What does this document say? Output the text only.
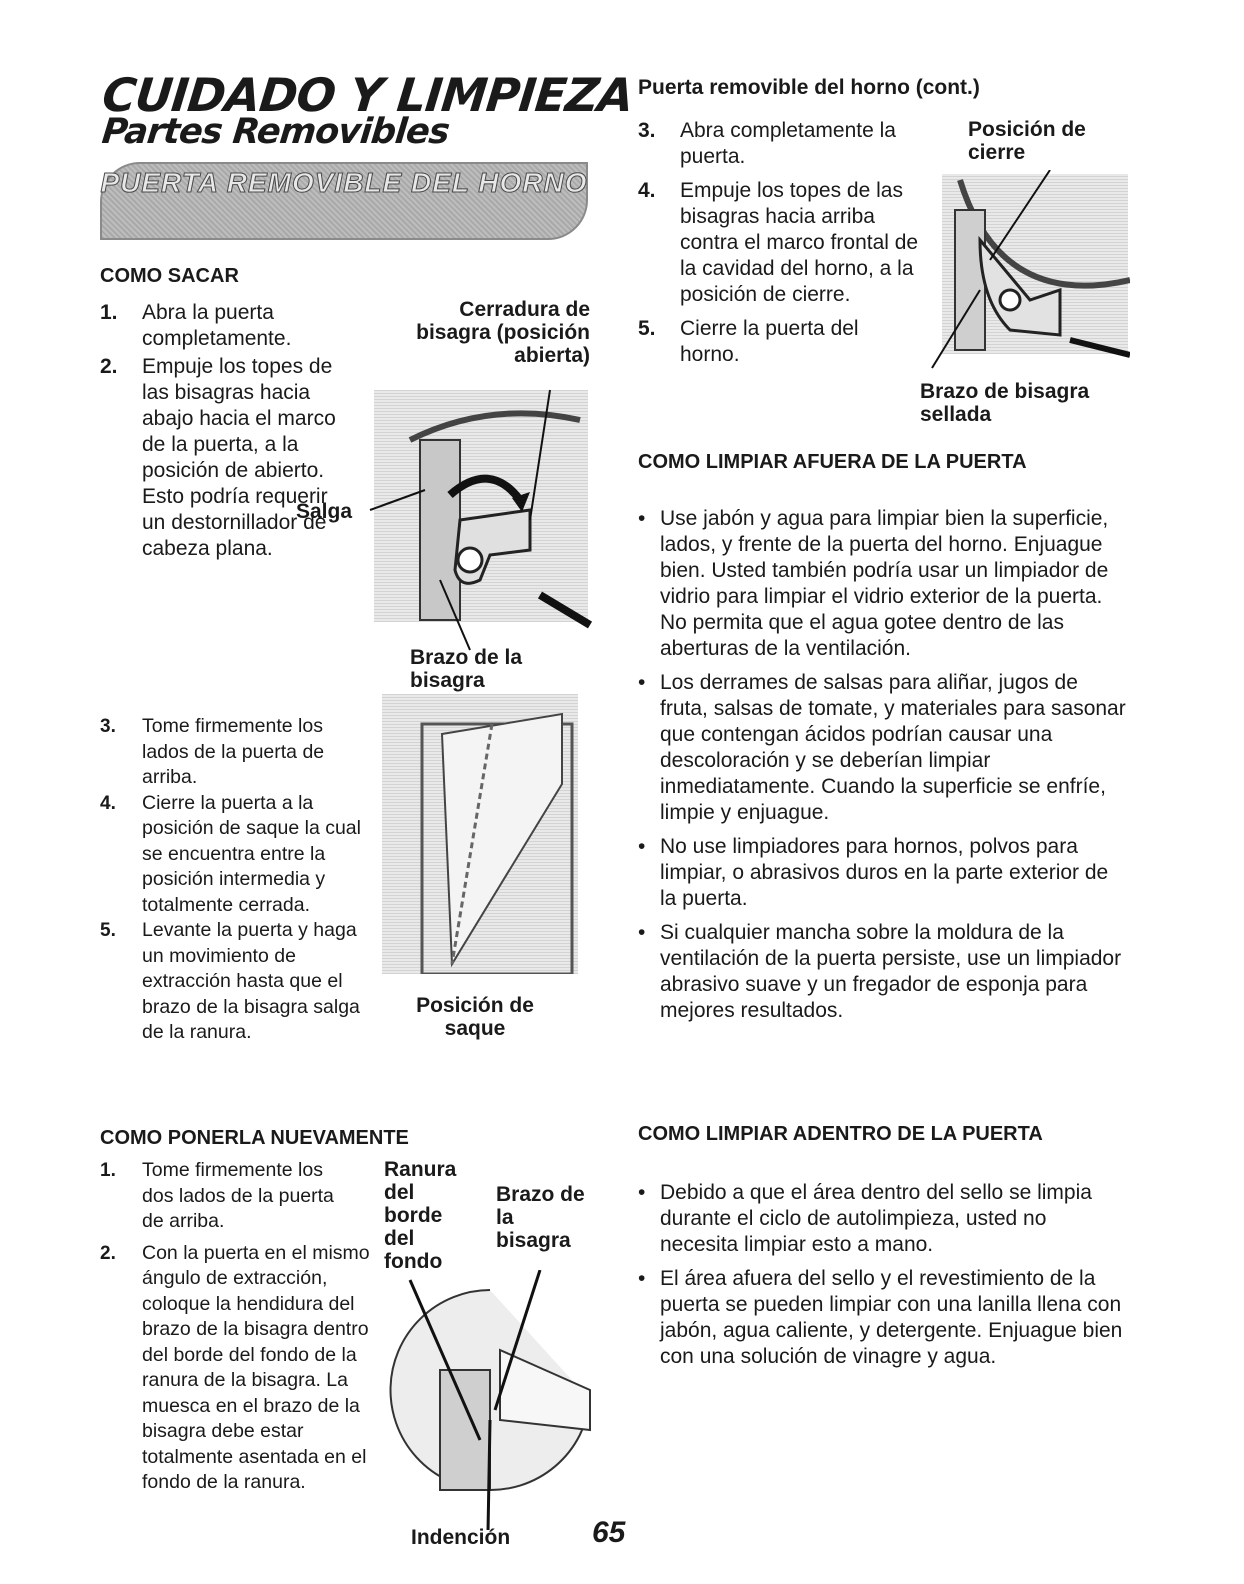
CUIDADO Y LIMPIEZA
Partes Removibles
PUERTA REMOVIBLE DEL HORNO
COMO SACAR
1. Abra la puerta completamente.
2. Empuje los topes de las bisagras hacia abajo hacia el marco de la puerta, a la posición de abierto. Esto podría requerir un destornillador de cabeza plana.
Cerradura de bisagra (posición abierta)
Salga
Brazo de la bisagra
3. Tome firmemente los lados de la puerta de arriba.
4. Cierre la puerta a la posición de saque la cual se encuentra entre la posición intermedia y totalmente cerrada.
5. Levante la puerta y haga un movimiento de extracción hasta que el brazo de la bisagra salga de la ranura.
Posición de saque
COMO PONERLA NUEVAMENTE
1. Tome firmemente los dos lados de la puerta de arriba.
2. Con la puerta en el mismo ángulo de extracción, coloque la hendidura del brazo de la bisagra dentro del borde del fondo de la ranura de la bisagra. La muesca en el brazo de la bisagra debe estar totalmente asentada en el fondo de la ranura.
Ranura del borde del fondo
Brazo de la bisagra
Indención	65
Puerta removible del horno (cont.)
3. Abra completamente la puerta.
4. Empuje los topes de las bisagras hacia arriba contra el marco frontal de la cavidad del horno, a la posición de cierre.
5. Cierre la puerta del horno.
Posición de cierre
Brazo de bisagra sellada
COMO LIMPIAR AFUERA DE LA PUERTA
• Use jabón y agua para limpiar bien la superficie, lados, y frente de la puerta del horno. Enjuague bien. Usted también podría usar un limpiador de vidrio para limpiar el vidrio exterior de la puerta. No permita que el agua gotee dentro de las aberturas de la ventilación.
• Los derrames de salsas para aliñar, jugos de fruta, salsas de tomate, y materiales para sasonar que contengan ácidos podrían causar una descoloración y se deberían limpiar inmediatamente. Cuando la superficie se enfríe, limpie y enjuague.
• No use limpiadores para hornos, polvos para limpiar, o abrasivos duros en la parte exterior de la puerta.
• Si cualquier mancha sobre la moldura de la ventilación de la puerta persiste, use un limpiador abrasivo suave y un fregador de esponja para mejores resultados.
COMO LIMPIAR ADENTRO DE LA PUERTA
• Debido a que el área dentro del sello se limpia durante el ciclo de autolimpieza, usted no necesita limpiar esto a mano.
• El área afuera del sello y el revestimiento de la puerta se pueden limpiar con una lanilla llena con jabón, agua caliente, y detergente. Enjuague bien con una solución de vinagre y agua.
